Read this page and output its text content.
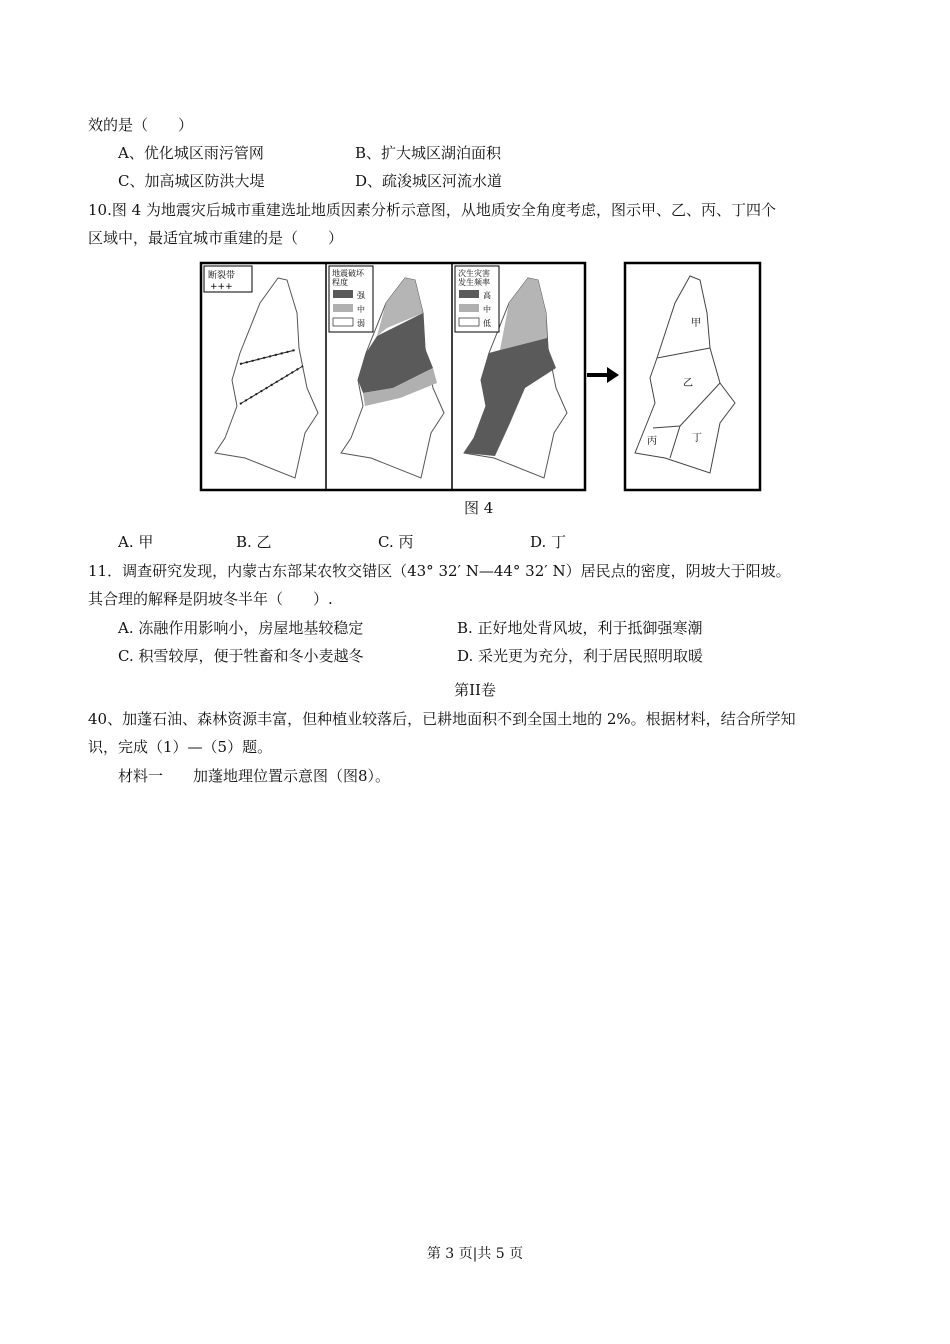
效的是（　　）
A、优化城区雨污管网	B、扩大城区湖泊面积
C、加高城区防洪大堤	D、疏浚城区河流水道
10.图 4 为地震灾后城市重建选址地质因素分析示意图，从地质安全角度考虑，图示甲、乙、丙、丁四个
区域中，最适宜城市重建的是（　　）
断裂带
+++
地震破坏
程度
强
中
弱
次生灾害
发生频率
高
中
低	甲
乙
丙	丁
图 4
A. 甲	B. 乙	C. 丙	D. 丁
11．调查研究发现，内蒙古东部某农牧交错区（43° 32′ N—44° 32′ N）居民点的密度，阴坡大于阳坡。
其合理的解释是阴坡冬半年（　　）.
A. 冻融作用影响小，房屋地基较稳定	B. 正好地处背风坡，利于抵御强寒潮
C. 积雪较厚，便于牲畜和冬小麦越冬	D. 采光更为充分，利于居民照明取暖
第II卷
40、加蓬石油、森林资源丰富，但种植业较落后，已耕地面积不到全国土地的 2%。根据材料，结合所学知
识，完成（1）—（5）题。
材料一　　加蓬地理位置示意图（图8）。
第 3 页|共 5 页
